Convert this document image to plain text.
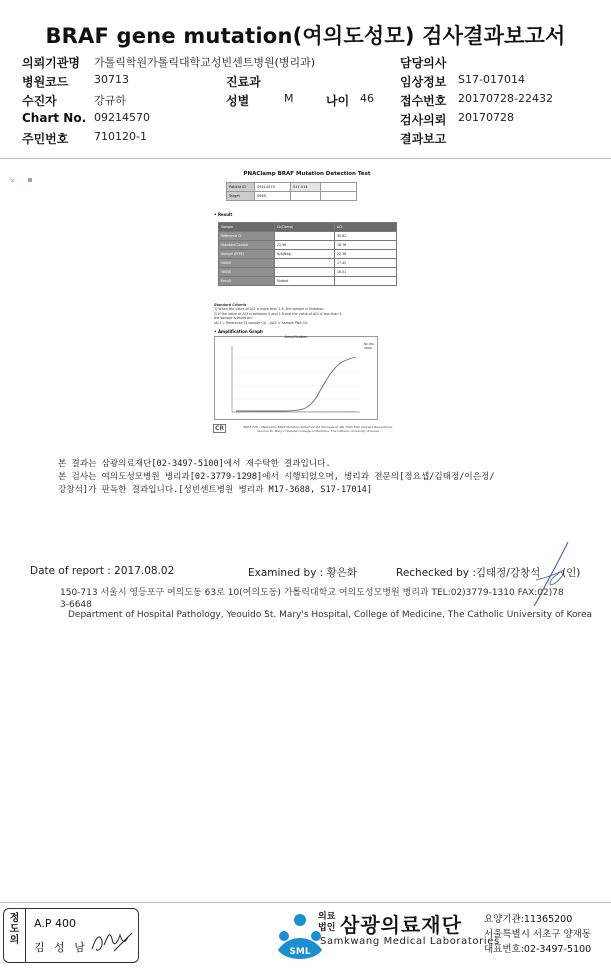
BRAF gene mutation(여의도성모) 검사결과보고서
의뢰기관명 가톨릭학원가톨릭대학교성빈센트병원(병리과)	담당의사
병원코드 30713	진료과	임상정보 S17-017014
수진자	강규하	성별	M	나이 46 접수번호 20170728-22432
Chart No. 09214570	검사의뢰 20170728
주민번호 710120-1	결과보고
↘     ▪
PNAClamp BRAF Mutation Detection Test
Patient ID	09214570	S17-014	
Target	V600		
• Result
Sample	Ct(Clamp)	ΔCt
Reference Ct		30.82
Standard Control	22.56	18.76
Sample (FFPE)	N/A(Neg)	22.38
V600E		17.42
V600K		16.51
Result	Mutant	
Standard Criteria
1) When the value of ΔCt is more than 1.8, the sample is Mutation.
2) If the value of ΔCt is between 0 and 1.8 and the value of ΔCt is less than 5,
the sample is Mutation.
(ΔCt = Reference Ct sample Ct) - (ΔCt = Sample PNA Ct)
• Amplification Graph
Amplification
NC Rfu
V600
CR	BRAF PCR : PNAClamp BRAF Mutation Detection Kit (Panagene) ABI 7500 Fast (Applied Biosystems)
Yeouido St. Mary's Hospital, College of Medicine, The Catholic University of Korea
본 결과는 삼광의료재단[02-3497-5100]에서 재수탁한 결과입니다.
본 검사는 여의도성모병원 병리과[02-3779-1298]에서 시행되었으며, 병리과 전문의[정요셉/김태정/이은정/
강창석]가 판독한 결과입니다.[성빈센트병원 병리과 M17-3688, S17-17014]
Date of report : 2017.08.02	Examined by : 황은화	Rechecked by :김태정/강창석 (인)
150-713 서울시 영등포구 여의도동 63로 10(여의도동) 가톨릭대학교 여의도성모병원 병리과 TEL:02)3779-1310 FAX:02)78
3-6648
Department of Hospital Pathology, Yeouido St. Mary's Hospital, College of Medicine, The Catholic University of Korea
정
도
의
A.P 400
김 성 남	SML
의료
법인 삼광의료재단
Samkwang Medical Laboratories
요양기관:11365200
서울특별시 서초구 양재동
대표번호:02-3497-5100
